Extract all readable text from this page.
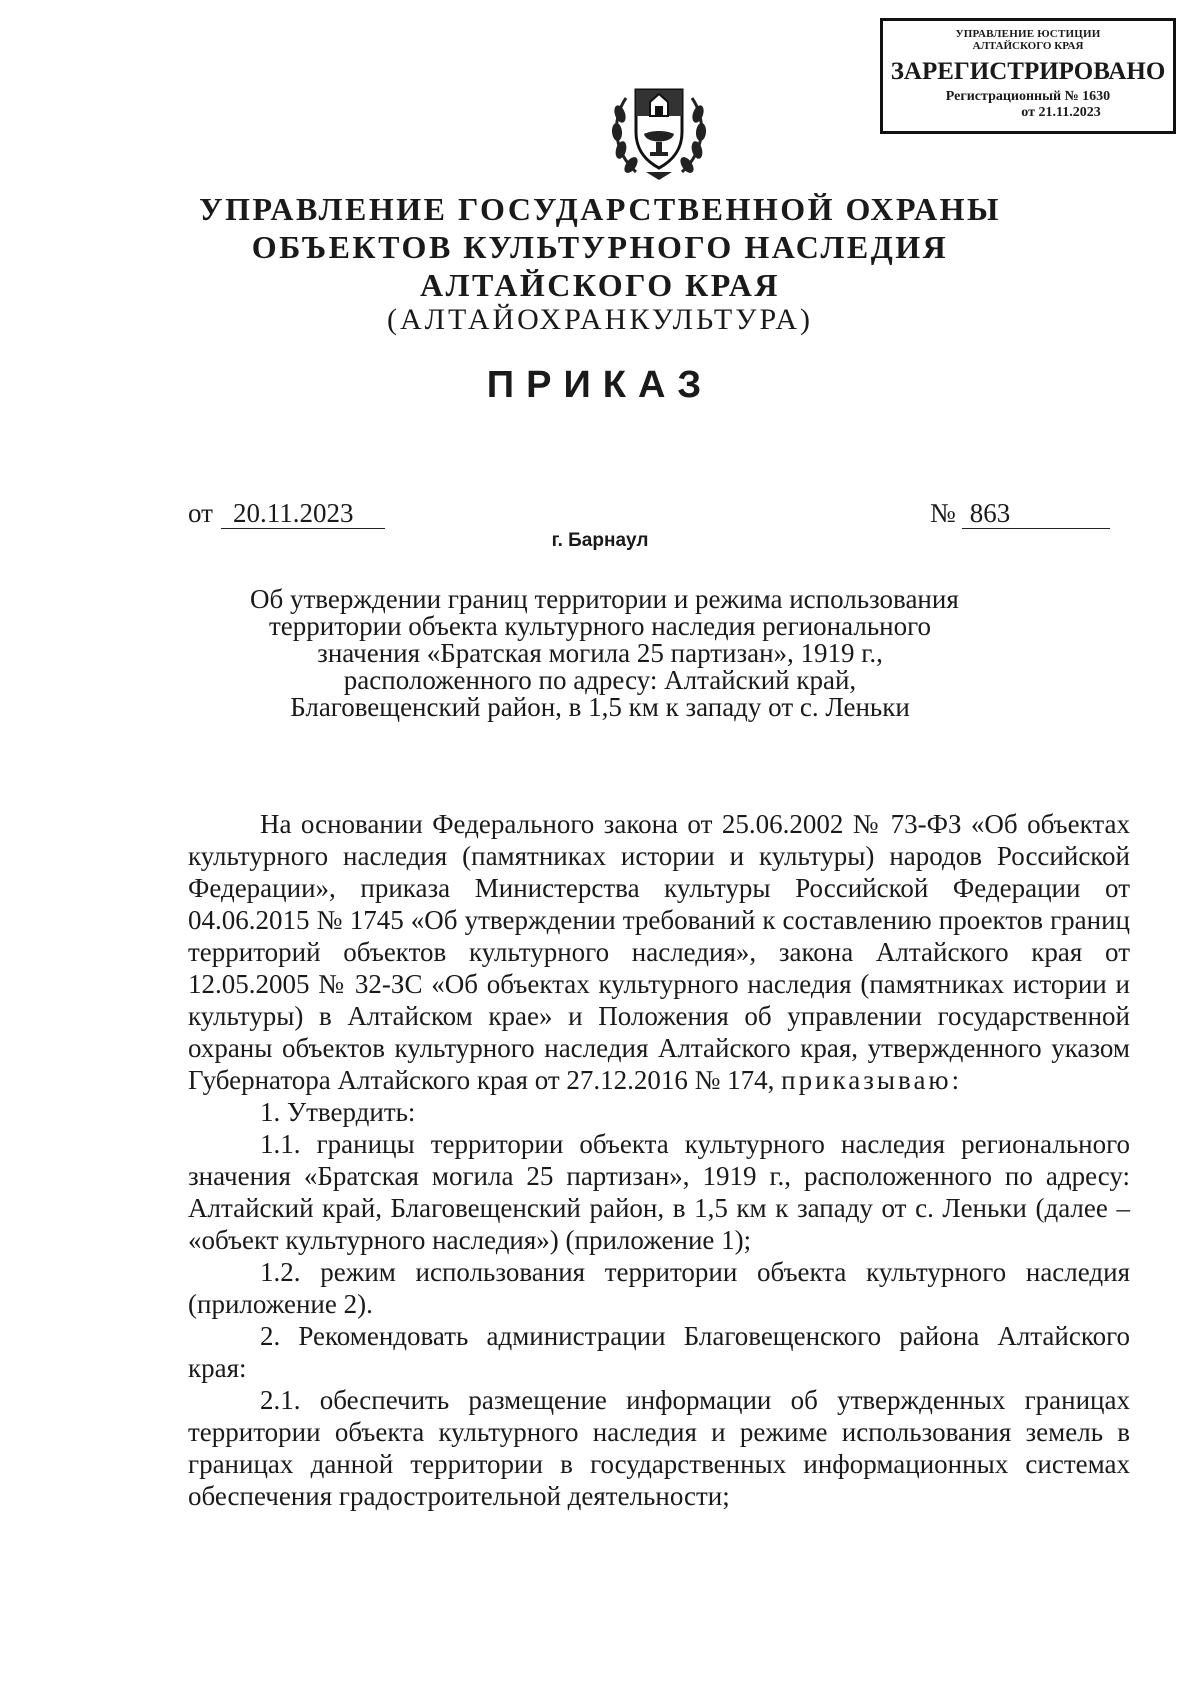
УПРАВЛЕНИЕ ЮСТИЦИИ
АЛТАЙСКОГО КРАЯ
ЗАРЕГИСТРИРОВАНО
Регистрационный № 1630
от 21.11.2023
УПРАВЛЕНИЕ ГОСУДАРСТВЕННОЙ ОХРАНЫ
ОБЪЕКТОВ КУЛЬТУРНОГО НАСЛЕДИЯ
АЛТАЙСКОГО КРАЯ
(АЛТАЙОХРАНКУЛЬТУРА)
ПРИКАЗ
от 20.11.2023	№ 863
г. Барнаул
Об утверждении границ территории и режима использования
территории объекта культурного наследия регионального
значения «Братская могила 25 партизан», 1919 г.,
расположенного по адресу: Алтайский край,
Благовещенский район, в 1,5 км к западу от с. Леньки
На основании Федерального закона от 25.06.2002 № 73-ФЗ «Об объектах культурного наследия (памятниках истории и культуры) народов Российской Федерации», приказа Министерства культуры Российской Федерации от 04.06.2015 № 1745 «Об утверждении требований к составлению проектов границ территорий объектов культурного наследия», закона Алтайского края от 12.05.2005 № 32-ЗС «Об объектах культурного наследия (памятниках истории и культуры) в Алтайском крае» и Положения об управлении государственной охраны объектов культурного наследия Алтайского края, утвержденного указом Губернатора Алтайского края от 27.12.2016 № 174, приказываю:
1. Утвердить:
1.1. границы территории объекта культурного наследия регионального значения «Братская могила 25 партизан», 1919 г., расположенного по адресу: Алтайский край, Благовещенский район, в 1,5 км к западу от с. Леньки (далее – «объект культурного наследия») (приложение 1);
1.2. режим использования территории объекта культурного наследия (приложение 2).
2. Рекомендовать администрации Благовещенского района Алтайского края:
2.1. обеспечить размещение информации об утвержденных границах территории объекта культурного наследия и режиме использования земель в границах данной территории в государственных информационных системах обеспечения градостроительной деятельности;
